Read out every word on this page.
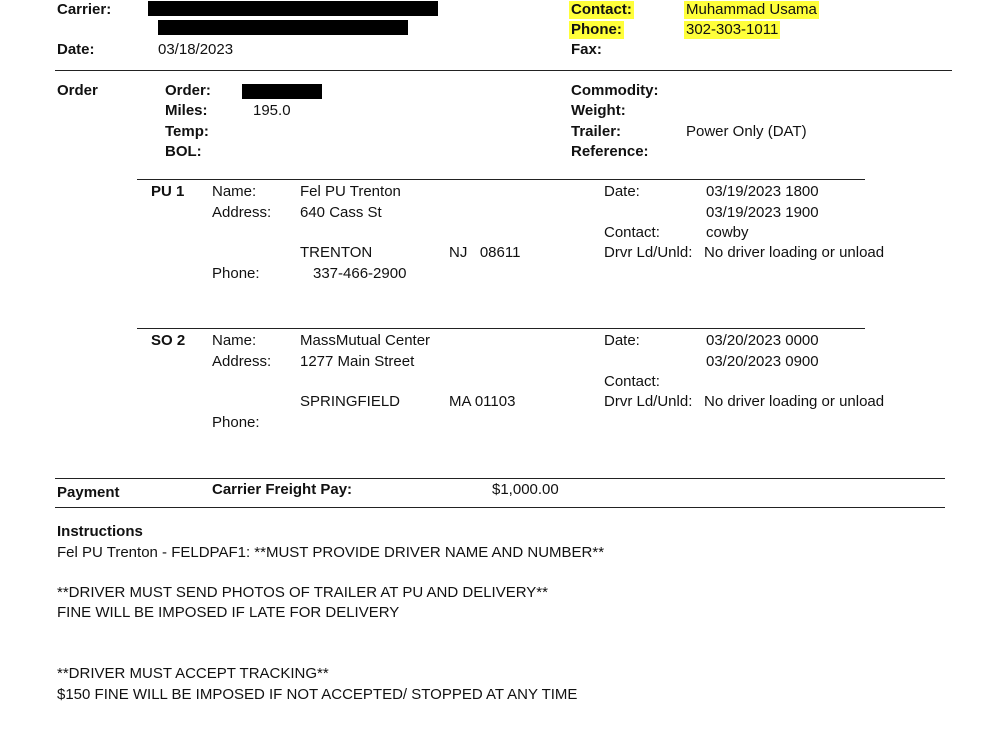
Carrier:
Date:	03/18/2023
Contact:	Muhammad Usama
Phone:	302-303-1011
Fax:
Order	Order:
Miles:	195.0
Temp:
BOL:
Commodity:
Weight:
Trailer:	Power Only (DAT)
Reference:
PU 1 Name:	Fel PU Trenton
Address: 640 Cass St
TRENTON	NJ   08611
Phone:	337-466-2900
Date:	03/19/2023 1800
03/19/2023 1900
Contact:	cowby
Drvr Ld/Unld: No driver loading or unload
SO 2 Name:	MassMutual Center
Address: 1277 Main Street
SPRINGFIELD	MA 01103
Phone:
Date:	03/20/2023 0000
03/20/2023 0900
Contact:
Drvr Ld/Unld: No driver loading or unload
Payment	Carrier Freight Pay:	$1,000.00
Instructions
Fel PU Trenton - FELDPAF1: **MUST PROVIDE DRIVER NAME AND NUMBER**
**DRIVER MUST SEND PHOTOS OF TRAILER AT PU AND DELIVERY**
FINE WILL BE IMPOSED IF LATE FOR DELIVERY
**DRIVER MUST ACCEPT TRACKING**
$150 FINE WILL BE IMPOSED IF NOT ACCEPTED/ STOPPED AT ANY TIME
